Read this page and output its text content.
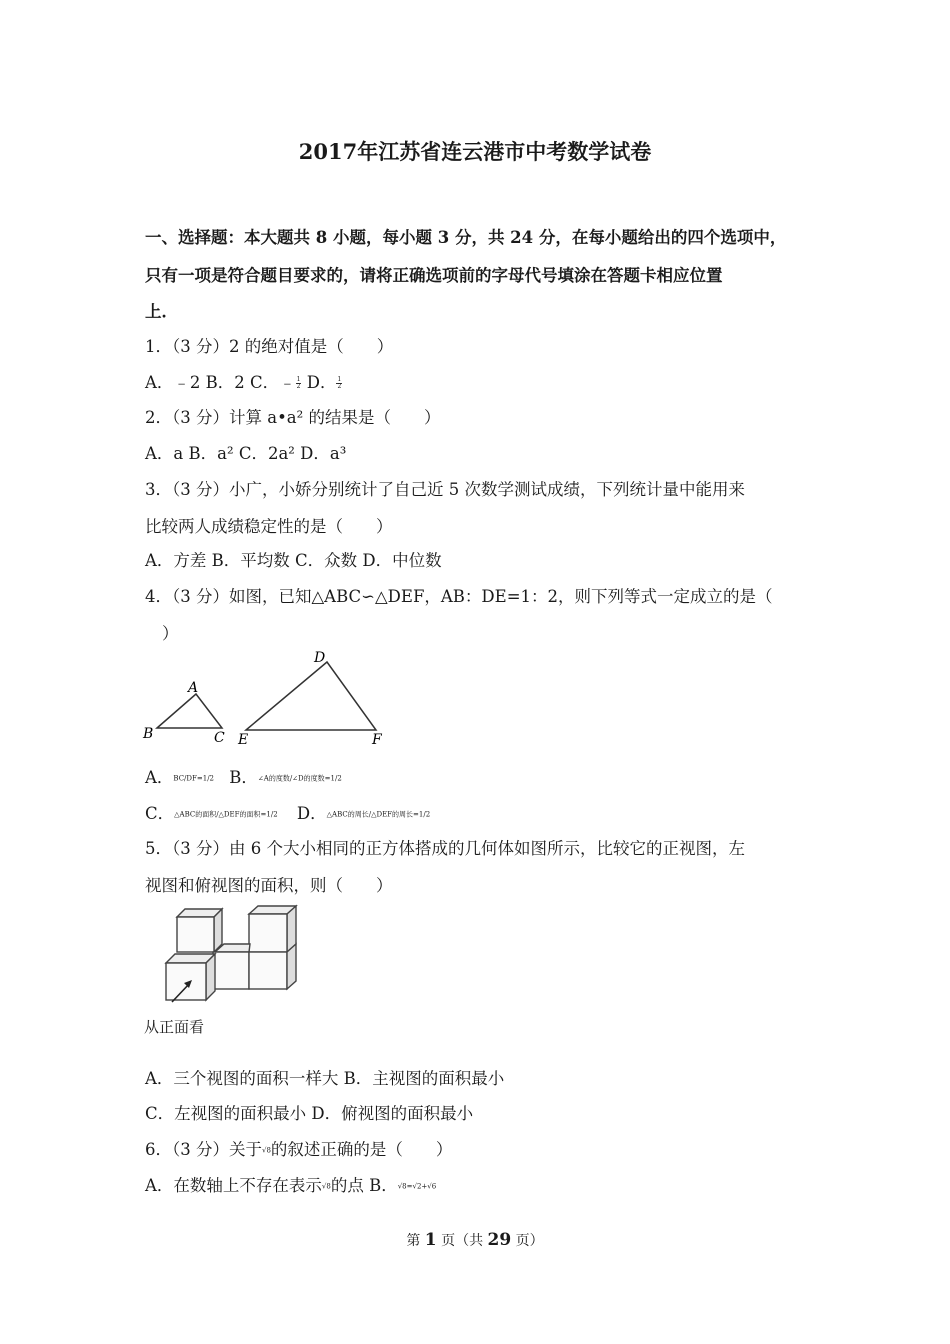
2017年江苏省连云港市中考数学试卷
一、选择题：本大题共 8 小题，每小题 3 分，共 24 分，在每小题给出的四个选项中，
只有一项是符合题目要求的，请将正确选项前的字母代号填涂在答题卡相应位置
上．
1．（3 分）2 的绝对值是（　　）
A．﹣2 B．2 C．﹣ $\frac{1}{2}$ D． $\frac{1}{2}$
2．（3 分）计算 a•a² 的结果是（　　）
A．a B．a² C．2a² D．a³
3．（3 分）小广，小娇分别统计了自己近 5 次数学测试成绩，下列统计量中能用来
比较两人成绩稳定性的是（　　）
A．方差 B．平均数 C．众数 D．中位数
4．（3 分）如图，已知△ABC∽△DEF，AB：DE=1：2，则下列等式一定成立的是（
）
A
B	C
D
E	F
A．BC/DF=1/2 B．∠A的度数/∠D的度数=1/2
C．△ABC的面积/△DEF的面积=1/2 D．△ABC的周长/△DEF的周长=1/2
5．（3 分）由 6 个大小相同的正方体搭成的几何体如图所示，比较它的正视图，左
视图和俯视图的面积，则（　　）
从正面看
A．三个视图的面积一样大 B．主视图的面积最小
C．左视图的面积最小 D．俯视图的面积最小
6．（3 分）关于√8的叙述正确的是（　　）
A．在数轴上不存在表示√8的点 B．√8=√2+√6
第 1 页（共 29 页）
